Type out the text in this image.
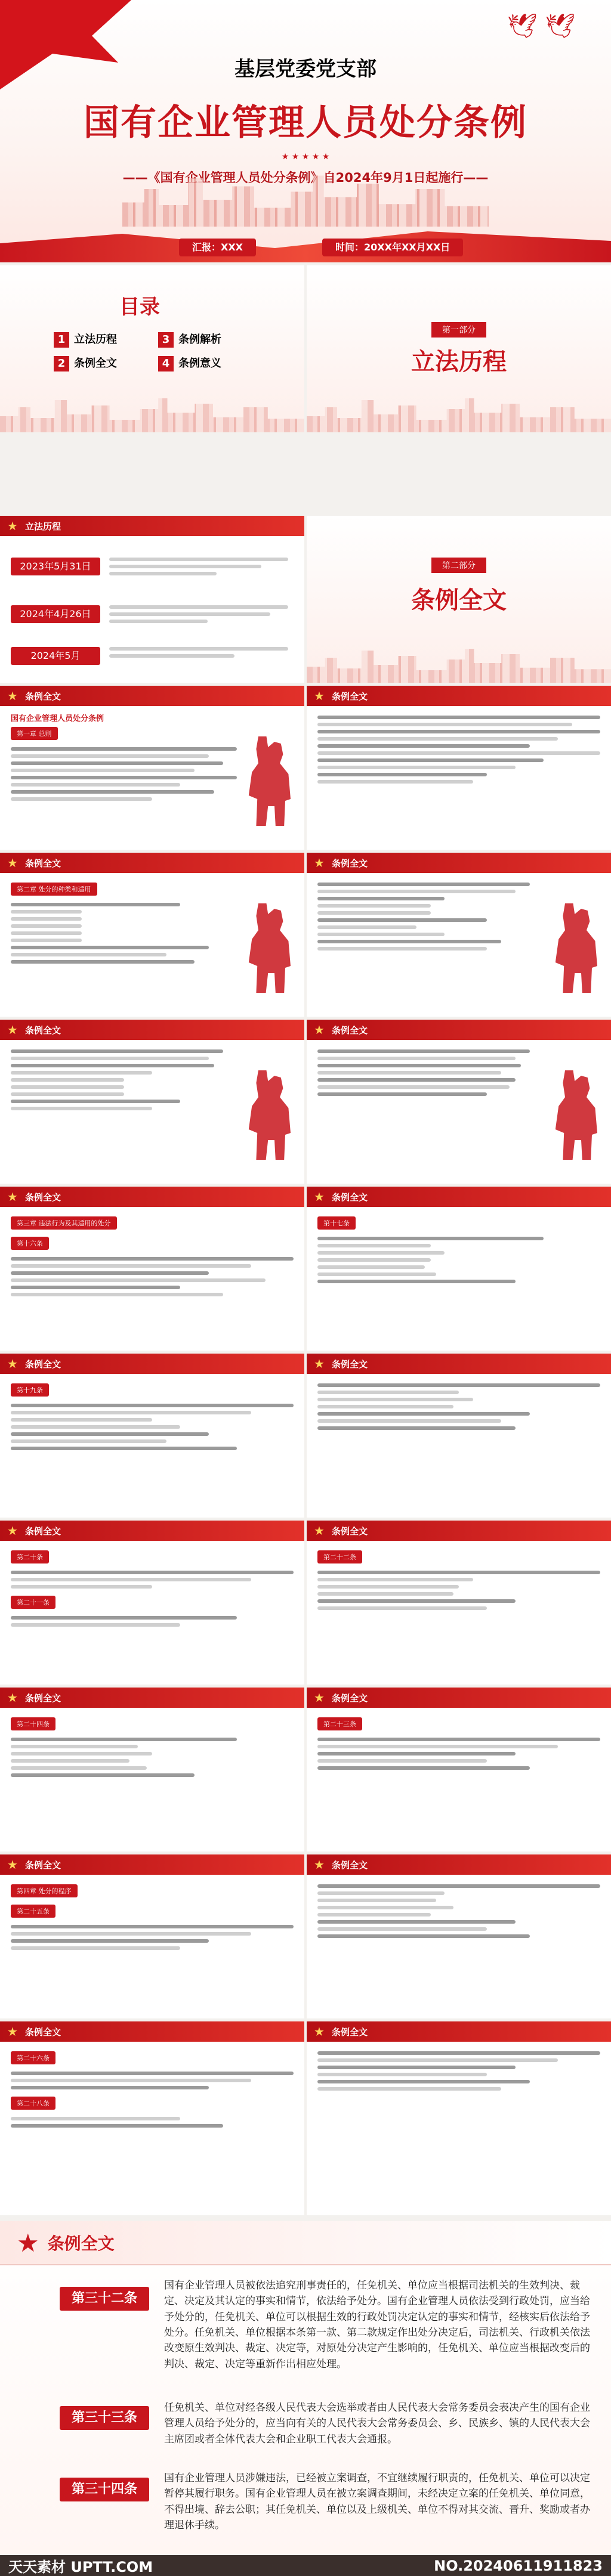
🕊 🕊
基层党委党支部
国有企业管理人员处分条例
★ ★ ★ ★ ★
——《国有企业管理人员处分条例》自2024年9月1日起施行——
汇报：XXX	时间：20XX年XX月XX日
目录
1 立法历程
2 条例全文
3 条例解析
4 条例意义
第一部分
立法历程
★ 立法历程
2023年5月31日
2024年4月26日
2024年5月
第二部分
条例全文
★ 条例全文
国有企业管理人员处分条例
第一章 总则
★ 条例全文
★ 条例全文
第二章 处分的种类和适用
★ 条例全文
★ 条例全文	★ 条例全文
★ 条例全文
第三章 违法行为及其适用的处分
第十六条
★ 条例全文
第十七条
★ 条例全文
第十九条
★ 条例全文
★ 条例全文
第二十条
第二十一条
★ 条例全文
第二十二条
★ 条例全文
第二十四条
★ 条例全文
第二十三条
★ 条例全文
第四章 处分的程序
第二十五条
★ 条例全文
★ 条例全文
第二十六条
第二十八条
★ 条例全文
★ 条例全文
第三十二条
国有企业管理人员被依法追究刑事责任的，任免机关、单位应当根据司法机关的生效判决、裁定、决定及其认定的事实和情节，依法给予处分。国有企业管理人员依法受到行政处罚，应当给予处分的，任免机关、单位可以根据生效的行政处罚决定认定的事实和情节，经核实后依法给予处分。任免机关、单位根据本条第一款、第二款规定作出处分决定后，司法机关、行政机关依法改变原生效判决、裁定、决定等，对原处分决定产生影响的，任免机关、单位应当根据改变后的判决、裁定、决定等重新作出相应处理。
第三十三条
任免机关、单位对经各级人民代表大会选举或者由人民代表大会常务委员会表决产生的国有企业管理人员给予处分的，应当向有关的人民代表大会常务委员会、乡、民族乡、镇的人民代表大会主席团或者全体代表大会和企业职工代表大会通报。
第三十四条
国有企业管理人员涉嫌违法，已经被立案调查，不宜继续履行职责的，任免机关、单位可以决定暂停其履行职务。国有企业管理人员在被立案调查期间，未经决定立案的任免机关、单位同意，不得出境、辞去公职；其任免机关、单位以及上级机关、单位不得对其交流、晋升、奖励或者办理退休手续。
天天素材 UPTT.COM	NO.20240611911823
